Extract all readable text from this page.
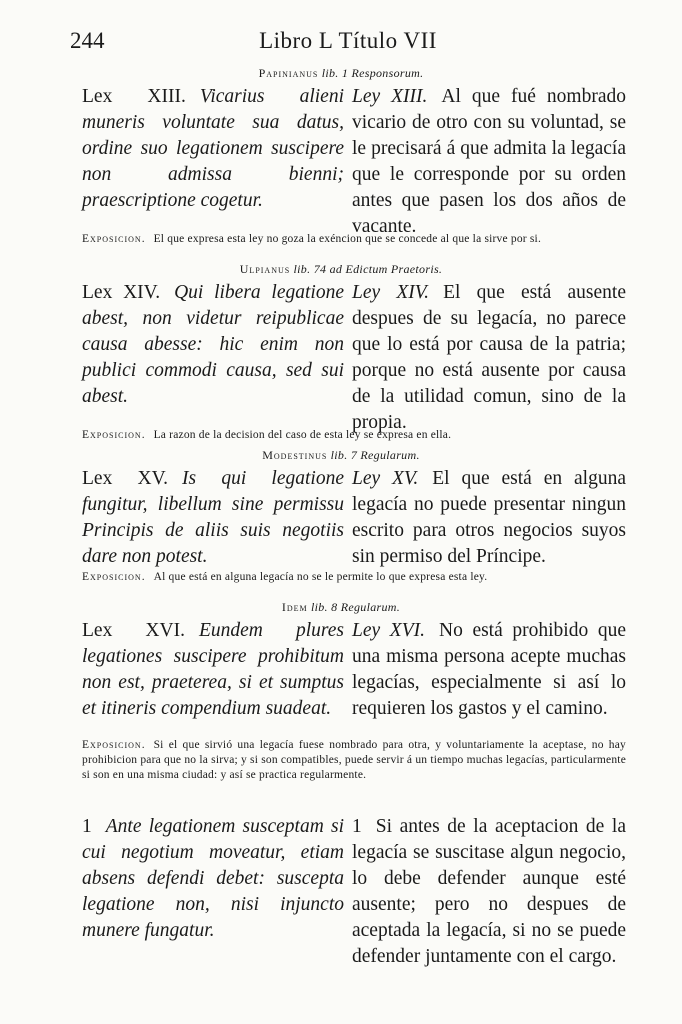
244	Libro L Título VII
Papinianus lib. 1 Responsorum.
Lex XIII. Vicarius alieni muneris voluntate sua datus, ordine suo legationem suscipere non admissa bienni; praescriptione cogetur.
Ley XIII. Al que fué nombrado vicario de otro con su voluntad, se le precisará á que admita la legacía que le corresponde por su orden antes que pasen los dos años de vacante.
Exposicion. El que expresa esta ley no goza la exéncion que se concede al que la sirve por si.
Ulpianus lib. 74 ad Edictum Praetoris.
Lex XIV. Qui libera legatione abest, non videtur reipublicae causa abesse: hic enim non publici commodi causa, sed sui abest.
Ley XIV. El que está ausente despues de su legacía, no parece que lo está por causa de la patria; porque no está ausente por causa de la utilidad comun, sino de la propia.
Exposicion. La razon de la decision del caso de esta ley se expresa en ella.
Modestinus lib. 7 Regularum.
Lex XV. Is qui legatione fungitur, libellum sine permissu Principis de aliis suis negotiis dare non potest.
Ley XV. El que está en alguna legacía no puede presentar ningun escrito para otros negocios suyos sin permiso del Príncipe.
Exposicion. Al que está en alguna legacía no se le permite lo que expresa esta ley.
Idem lib. 8 Regularum.
Lex XVI. Eundem plures legationes suscipere prohibitum non est, praeterea, si et sumptus et itineris compendium suadeat.
Ley XVI. No está prohibido que una misma persona acepte muchas legacías, especialmente si así lo requieren los gastos y el camino.
Exposicion. Si el que sirvió una legacía fuese nombrado para otra, y voluntariamente la aceptase, no hay prohibicion para que no la sirva; y si son compatibles, puede servir á un tiempo muchas legacías, particularmente si son en una misma ciudad: y así se practica regularmente.
1 Ante legationem susceptam si cui negotium moveatur, etiam absens defendi debet: suscepta legatione non, nisi injuncto munere fungatur.
1 Si antes de la aceptacion de la legacía se suscitase algun negocio, lo debe defender aunque esté ausente; pero no despues de aceptada la legacía, si no se puede defender juntamente con el cargo.
